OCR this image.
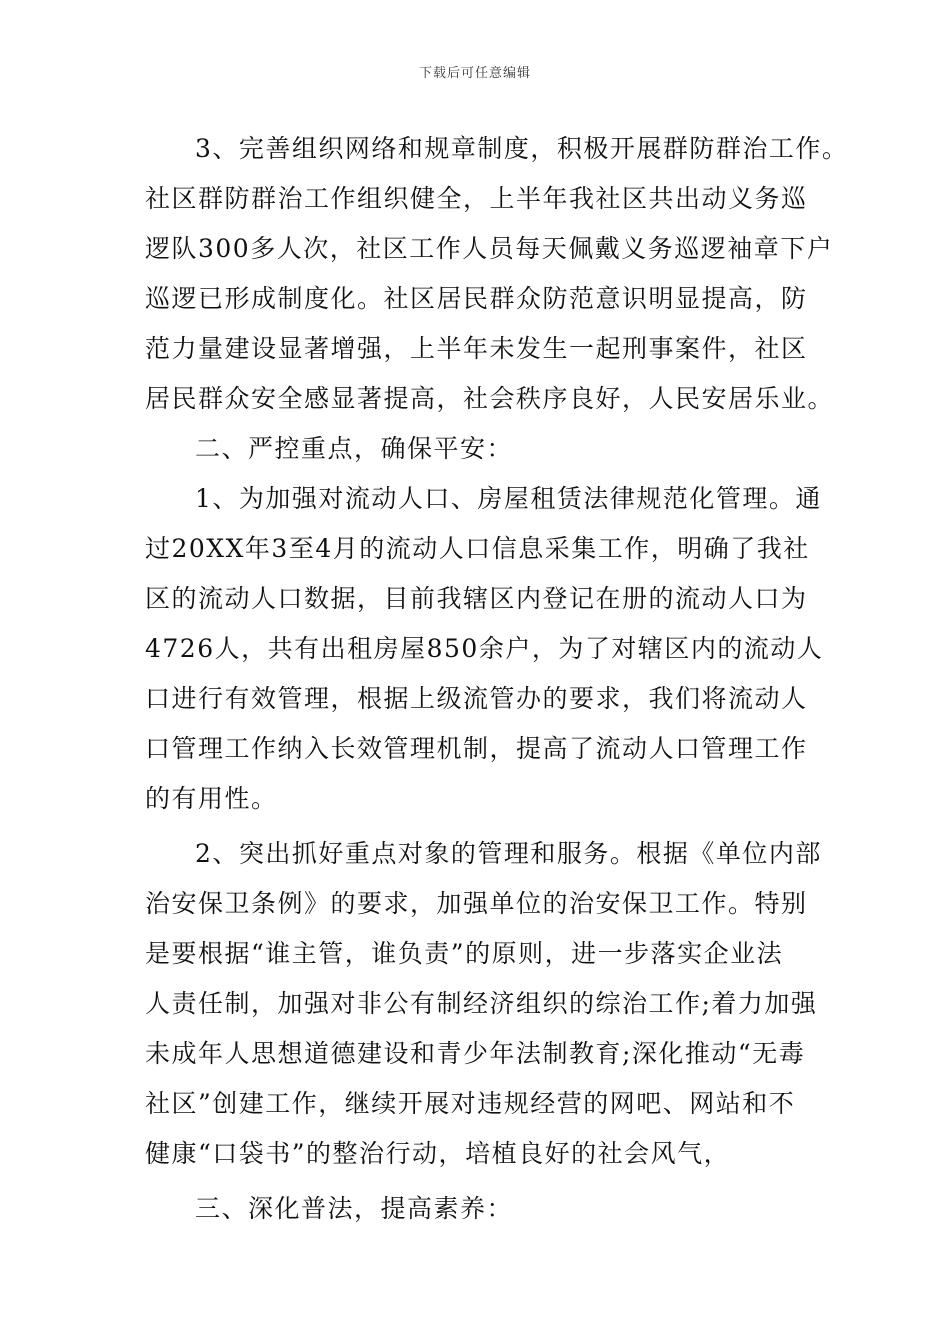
下载后可任意编辑
3、完善组织网络和规章制度，积极开展群防群治工作。
社区群防群治工作组织健全，上半年我社区共出动义务巡
逻队300多人次，社区工作人员每天佩戴义务巡逻袖章下户
巡逻已形成制度化。社区居民群众防范意识明显提高，防
范力量建设显著增强，上半年未发生一起刑事案件，社区
居民群众安全感显著提高，社会秩序良好，人民安居乐业。
二、严控重点，确保平安：
1、为加强对流动人口、房屋租赁法律规范化管理。通
过20XX年3至4月的流动人口信息采集工作，明确了我社
区的流动人口数据，目前我辖区内登记在册的流动人口为
4726人，共有出租房屋850余户，为了对辖区内的流动人
口进行有效管理，根据上级流管办的要求，我们将流动人
口管理工作纳入长效管理机制，提高了流动人口管理工作
的有用性。
2、突出抓好重点对象的管理和服务。根据《单位内部
治安保卫条例》的要求，加强单位的治安保卫工作。特别
是要根据“谁主管，谁负责”的原则，进一步落实企业法
人责任制，加强对非公有制经济组织的综治工作;着力加强
未成年人思想道德建设和青少年法制教育;深化推动“无毒
社区”创建工作，继续开展对违规经营的网吧、网站和不
健康“口袋书”的整治行动，培植良好的社会风气，
三、深化普法，提高素养：
